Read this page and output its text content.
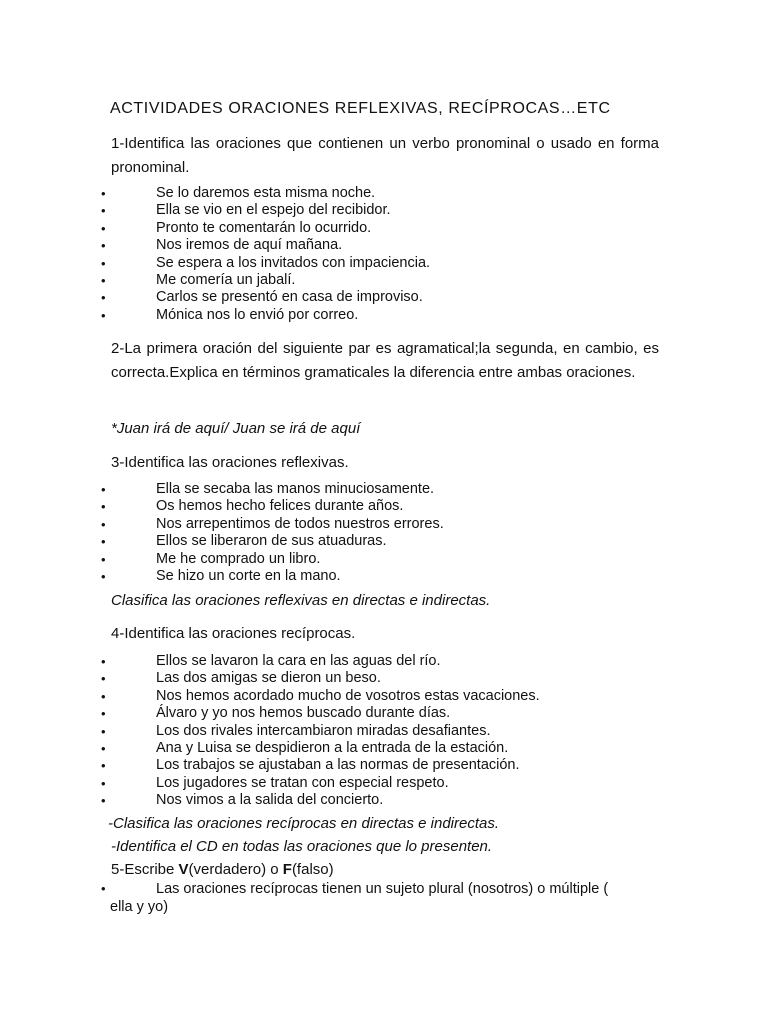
ACTIVIDADES ORACIONES REFLEXIVAS, RECÍPROCAS…ETC
1-Identifica las oraciones que contienen un verbo pronominal o usado en forma pronominal.
•	Se lo daremos esta misma noche.
•	Ella se vio en el espejo del recibidor.
•	Pronto te comentarán lo ocurrido.
•	Nos iremos de aquí mañana.
•	Se espera a los invitados con impaciencia.
•	Me comería un jabalí.
•	Carlos se presentó en casa de improviso.
•	Mónica nos lo envió por correo.
2-La primera oración del siguiente par es agramatical;la segunda, en cambio, es correcta.Explica en términos gramaticales la diferencia entre ambas oraciones.
*Juan irá de aquí/ Juan se irá de aquí
3-Identifica las oraciones reflexivas.
•	Ella se secaba las manos minuciosamente.
•	Os hemos hecho felices durante años.
•	Nos arrepentimos de todos nuestros errores.
•	Ellos se liberaron de sus atuaduras.
•	Me he comprado un libro.
•	Se hizo un corte en la mano.
Clasifica las oraciones reflexivas en directas e indirectas.
4-Identifica las oraciones recíprocas.
•	Ellos se lavaron la cara en las aguas del río.
•	Las dos amigas se dieron un beso.
•	Nos hemos acordado mucho de vosotros estas vacaciones.
•	Álvaro y yo nos hemos buscado durante días.
•	Los dos rivales intercambiaron miradas desafiantes.
•	Ana y Luisa se despidieron a la entrada de la estación.
•	Los trabajos se ajustaban a las normas de presentación.
•	Los jugadores se tratan con especial respeto.
•	Nos vimos a la salida del concierto.
-Clasifica las oraciones recíprocas en directas e indirectas.
-Identifica el CD en todas las oraciones que lo presenten.
5-Escribe V(verdadero) o F(falso)
•	Las oraciones recíprocas tienen un sujeto plural (nosotros) o múltiple (
ella y yo)
